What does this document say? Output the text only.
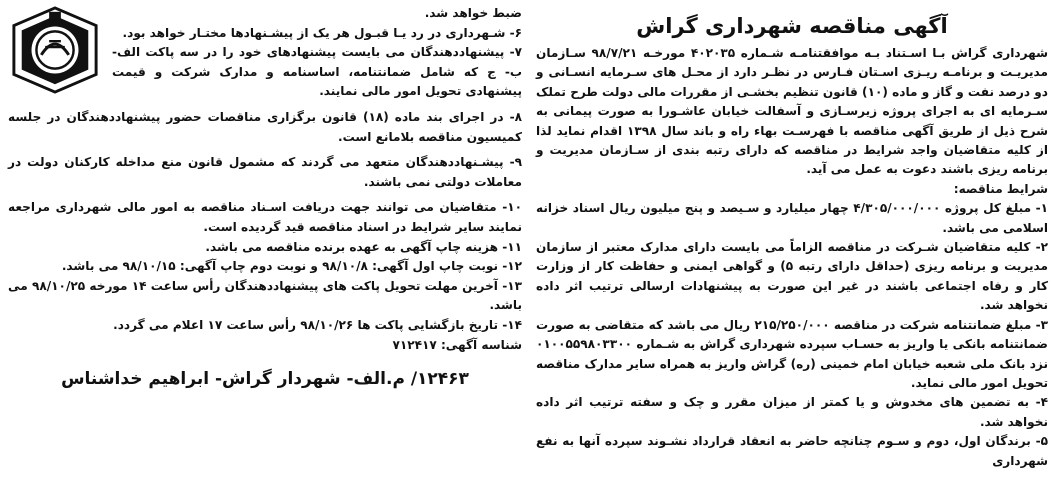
آگهی مناقصه شهرداری گراش

شهرداری گراش بـا اسـتناد بـه موافقتنامـه شـماره ۴۰۲۰۳۵ مورخـه ۹۸/۷/۲۱ سـازمان مدیریـت و برنامـه ریـزی اسـتان فـارس در نظـر دارد از محـل های سـرمایه انسـانی و دو درصد نفت و گاز و ماده (۱۰) قانون تنظیم بخشـی از مقررات مالی دولت طرح تملک سـرمایه ای به اجرای پروژه زیرسـازی و آسفالت خیابان عاشـورا به صورت پیمانی به شرح ذیل از طریق آگهی مناقصه با فهرسـت بهاء راه و باند سال ۱۳۹۸ اقدام نماید لذا از کلیه متقاضیان واجد شرایط در مناقصه که دارای رتبه بندی از سـازمان مدیریت و برنامه ریزی باشند دعوت به عمل می آید.

شرایط مناقصه:

۱- مبلغ کل پروژه ۴/۳۰۵/۰۰۰/۰۰۰ چهار میلیارد و سـیصد و پنج میلیون ریال اسناد خزانه اسلامی می باشد.

۲- کلیه متقاضیان شـرکت در مناقصه الزاماً می بایست دارای مدارک معتبر از سازمان مدیریت و برنامه ریزی (حداقل دارای رتبه ۵) و گواهی ایمنی و حفاظت کار از وزارت کار و رفاه اجتماعی باشند در غیر این صورت به پیشنهادات ارسالی ترتیب اثر داده نخواهد شد.

۳- مبلغ ضمانتنامه شرکت در مناقصه ۲۱۵/۲۵۰/۰۰۰ ریال می باشد که متقاضی به صورت ضمانتنامه بانکی یا واریز به حسـاب سپرده شهرداری گراش به شـماره ۰۱۰۰۵۵۹۸۰۳۳۰۰ نزد بانک ملی شعبه خیابان امام خمینی (ره) گراش واریز به همراه سایر مدارک مناقصه تحویل امور مالی نماید.

۴- به تضمین های مخدوش و یا کمتر از میزان مقرر و چک و سفته ترتیب اثر داده نخواهد شد.

۵- برندگان اول، دوم و سـوم چنانچه حاضر به انعقاد قرارداد نشـوند سپرده آنها به نفع شهرداری

ضبط خواهد شد.

۶- شـهرداری در رد یـا قبـول هر یک از پیشـنهادها مختـار خواهد بود.

۷- پیشنهاددهندگان می بایست پیشنهادهای خود را در سه پاکت الف- ب- ج که شامل ضمانتنامه، اساسنامه و مدارک شرکت و قیمت پیشنهادی تحویل امور مالی نمایند.

۸- در اجرای بند ماده (۱۸) قانون برگزاری مناقصات حضور پیشنهاددهندگان در جلسه کمیسیون مناقصه بلامانع است.

۹- پیشـنهاددهندگان متعهد می گردند که مشمول قانون منع مداخله کارکنان دولت در معاملات دولتی نمی باشند.

۱۰- متقاضیان می توانند جهت دریافت اسـناد مناقصه به امور مالی شهرداری مراجعه نمایند سایر شرایط در اسناد مناقصه قید گردیده است.

۱۱- هزینه چاپ آگهی به عهده برنده مناقصه می باشد.

۱۲- نوبت چاپ اول آگهی: ۹۸/۱۰/۸ و نوبت دوم چاپ آگهی: ۹۸/۱۰/۱۵ می باشد.

۱۳- آخرین مهلت تحویل پاکت های پیشنهاددهندگان رأس ساعت ۱۴ مورخه ۹۸/۱۰/۲۵ می باشد.

۱۴- تاریخ بازگشایی پاکت ها ۹۸/۱۰/۲۶ رأس ساعت ۱۷ اعلام می گردد.

شناسه آگهی: ۷۱۲۴۱۷

۱۲۴۶۳/ م.الف- شهردار گراش- ابراهیم خداشناس
